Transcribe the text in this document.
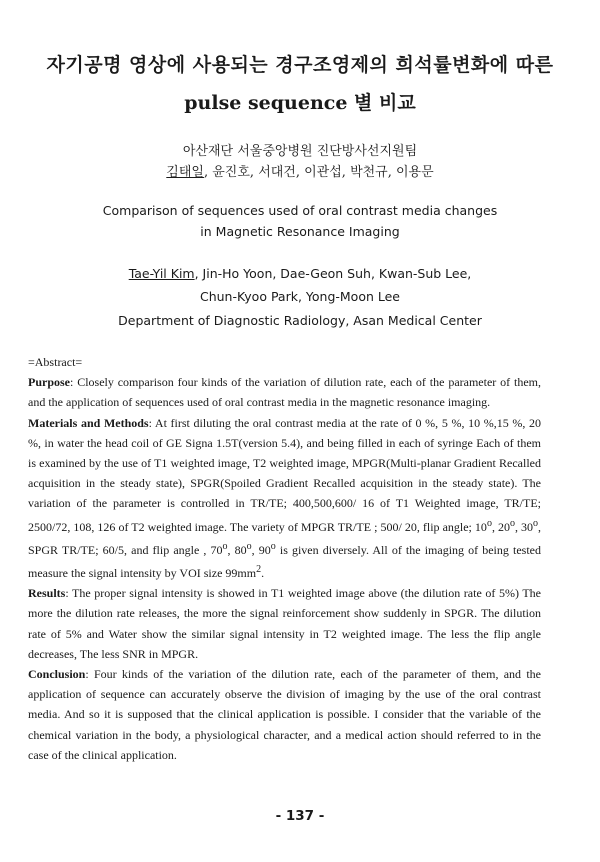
자기공명 영상에 사용되는 경구조영제의 희석률변화에 따른
pulse sequence 별 비교
아산재단 서울중앙병원 진단방사선지원팀
김태일, 윤진호, 서대건, 이관섭, 박천규, 이용문
Comparison of sequences used of oral contrast media changes
in Magnetic Resonance Imaging
Tae-Yil Kim, Jin-Ho Yoon, Dae-Geon Suh, Kwan-Sub Lee,
Chun-Kyoo Park, Yong-Moon Lee
Department of Diagnostic Radiology, Asan Medical Center

=Abstract=

Purpose: Closely comparison four kinds of the variation of dilution rate, each of the parameter of them, and the application of sequences used of oral contrast media in the magnetic resonance imaging.

Materials and Methods: At first diluting the oral contrast media at the rate of 0 %, 5 %, 10 %,15 %, 20 %, in water the head coil of GE Signa 1.5T(version 5.4), and being filled in each of syringe Each of them is examined by the use of T1 weighted image, T2 weighted image, MPGR(Multi-planar Gradient Recalled acquisition in the steady state), SPGR(Spoiled Gradient Recalled acquisition in the steady state). The variation of the parameter is controlled in TR/TE; 400,500,600/ 16 of T1 Weighted image, TR/TE; 2500/72, 108, 126 of T2 weighted image. The variety of MPGR TR/TE ; 500/ 20, flip angle; 10$^o$, 20$^o$, 30$^o$, SPGR TR/TE; 60/5, and flip angle , 70$^o$, 80$^o$, 90$^o$ is given diversely. All of the imaging of being tested measure the signal intensity by VOI size $99mm^2$.

Results: The proper signal intensity is showed in T1 weighted image above (the dilution rate of 5%) The more the dilution rate releases, the more the signal reinforcement show suddenly in SPGR. The dilution rate of 5% and Water show the similar signal intensity in T2 weighted image. The less the flip angle decreases, The less SNR in MPGR.

Conclusion: Four kinds of the variation of the dilution rate, each of the parameter of them, and the application of sequence can accurately observe the division of imaging by the use of the oral contrast media. And so it is supposed that the clinical application is possible. I consider that the variable of the chemical variation in the body, a physiological character, and a medical action should referred to in the case of the clinical application.

- 137 -
